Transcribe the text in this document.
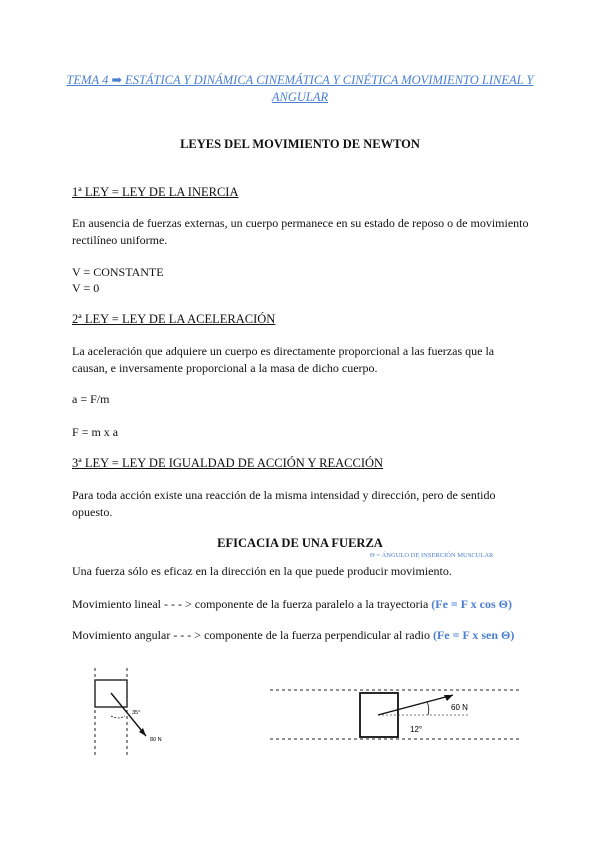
TEMA 4 ➡ ESTÁTICA Y DINÁMICA CINEMÁTICA Y CINÉTICA MOVIMIENTO LINEAL Y ANGULAR
LEYES DEL MOVIMIENTO DE NEWTON
1ª LEY = LEY DE LA INERCIA
En ausencia de fuerzas externas, un cuerpo permanece en su estado de reposo o de movimiento rectilíneo uniforme.
V = CONSTANTE
V = 0
2ª LEY = LEY DE LA ACELERACIÓN
La aceleración que adquiere un cuerpo es directamente proporcional a las fuerzas que la causan, e inversamente proporcional a la masa de dicho cuerpo.
a = F/m
F = m x a
3ª LEY = LEY DE IGUALDAD DE ACCIÓN Y REACCIÓN
Para toda acción existe una reacción de la misma intensidad y dirección, pero de sentido opuesto.
EFICACIA DE UNA FUERZA
Θ = ÁNGULO DE INSERCIÓN MUSCULAR
Una fuerza sólo es eficaz en la dirección en la que puede producir movimiento.
Movimiento lineal - - - > componente de la fuerza paralelo a la trayectoria (Fe = F x cos Θ)
Movimiento angular - - - > componente de la fuerza perpendicular al radio (Fe = F x sen Θ)
35°
80 N
60 N
12°
